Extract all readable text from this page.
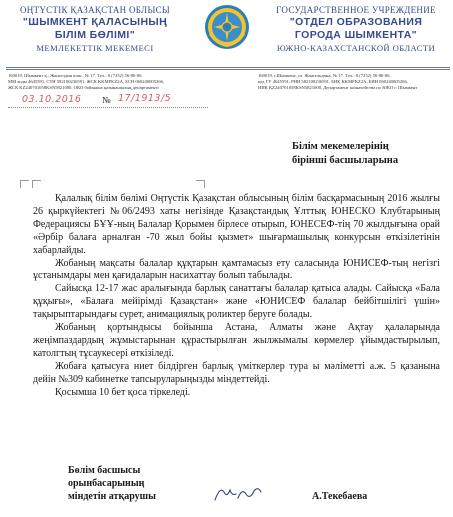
ОҢТҮСТІК ҚАЗАҚСТАН ОБЛЫСЫ
"ШЫМКЕНТ ҚАЛАСЫНЫҢ
БІЛІМ БӨЛІМІ"
МЕМЛЕКЕТТІК МЕКЕМЕСІ
ГОСУДАРСТВЕННОЕ УЧРЕЖДЕНИЕ
"ОТДЕЛ ОБРАЗОВАНИЯ
ГОРОДА ШЫМКЕНТА"
ЮЖНО-КАЗАХСТАНСКОЙ ОБЛАСТИ
160019, Шымкент қ., Жангелдин көш., № 17. Тел.: 8 (7252) 56-86-06,
ММ коды 4645591, СТН 582100236591, ЖСК KKMFKZ2A, БСН 060240005266,
ЖСК KZ240701058KSN5821000, ОКО бойынша қазынашылық департаменті
160019, г.Шымкент, ул. Жангельдина, № 17. Тел.: 8 (7252) 56-86-06,
код ГУ 4645591, РНН 582100236591, БИК KKMFKZ2A, БИН 060240005266,
ИИК KZ240701058KSN5821000, Департамент казначейства по ЮКО г. Шымкент
03.10.2016 № 17/1913/5
Білім мекемелерінің
бірінші басшыларына

Қалалық білім бөлімі Оңтүстік Қазақстан облысының білім басқармасының 2016 жылғы 26 қыркүйектегі №06/2493 хаты негізінде Қазақстандық Ұлттық ЮНЕСКО Клубтарының Федерациясы БҰҰ-ның Балалар Қорымен бірлесе отырып, ЮНЕСЕФ-тің 70 жылдығына орай «Әрбір балаға арналған -70 жыл бойы қызмет» шығармашылық конкурсын өткізілетінін хабарлайды.

Жобаның мақсаты балалар құқтарын қамтамасыз ету саласында ЮНИСЕФ-тың негізгі ұстанымдары мен қағидаларын насихаттау болып табылады.

Сайысқа 12-17 жас аралығында барлық санаттағы балалар қатыса алады. Сайысқа «Бала құқығы», «Балаға мейірімді Қазақстан» және «ЮНИСЕФ балалар бейбітшілігі үшін» тақырыптарындағы сурет, анимациялық роликтер беруге болады.

Жобаның қортындысы бойынша Астана, Алматы және Ақтау қалаларында жеңімпаздардың жұмыстарынан құрастырылған жылжымалы көрмелер ұйымдастырылып, католгтың тұсаукесері өткізіледі.

Жобаға қатысуға ниет білдірген барлық үміткерлер тура ы мәліметті а.ж. 5 қазанына дейін №309 кабинетке тапсыруларыңызды міндеттейді.

Қосымша 10 бет қоса тіркеледі.

Бөлім басшысы
орынбасарының
міндетін атқарушы	А.Текебаева
